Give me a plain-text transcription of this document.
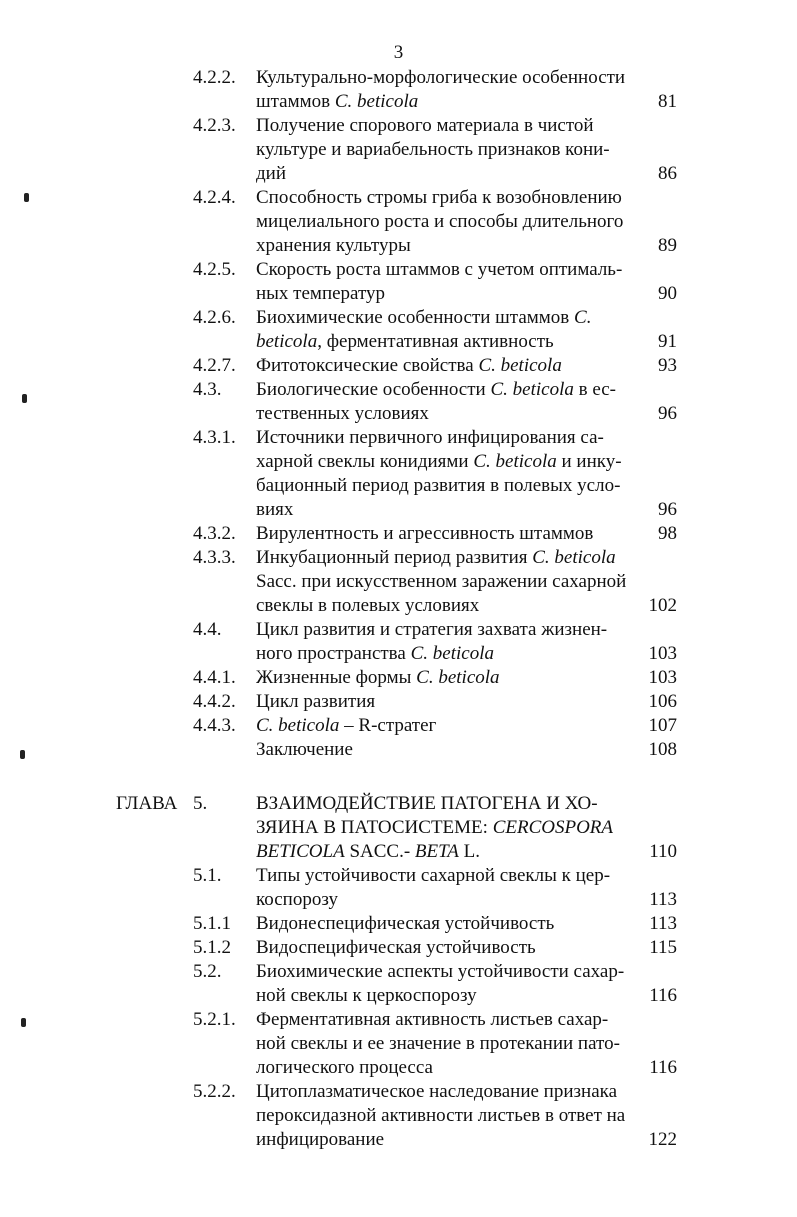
3
4.2.2. Культурально-морфологические особенности
штаммов C. beticola	81
4.2.3. Получение спорового материала в чистой
культуре и вариабельность признаков кони-
дий	86
4.2.4. Способность стромы гриба к возобновлению
мицелиального роста и способы длительного
хранения культуры	89
4.2.5. Скорость роста штаммов с учетом оптималь-
ных температур	90
4.2.6. Биохимические особенности штаммов C.
beticola, ферментативная активность	91
4.2.7. Фитотоксические свойства C. beticola	93
4.3. Биологические особенности C. beticola в ес-
тественных условиях	96
4.3.1. Источники первичного инфицирования са-
харной свеклы конидиями C. beticola и инку-
бационный период развития в полевых усло-
виях	96
4.3.2. Вирулентность и агрессивность штаммов	98
4.3.3. Инкубационный период развития C. beticola
Sacc. при искусственном заражении сахарной
свеклы в полевых условиях	102
4.4. Цикл развития и стратегия захвата жизнен-
ного пространства C. beticola	103
4.4.1. Жизненные формы C. beticola	103
4.4.2. Цикл развития	106
4.4.3. C. beticola – R-стратег	107
Заключение	108
ГЛАВА 5.	ВЗАИМОДЕЙСТВИЕ ПАТОГЕНА И ХО-
ЗЯИНА В ПАТОСИСТЕМЕ: CERCOSPORA
BETICOLA SACC.- BETA L.	110
5.1. Типы устойчивости сахарной свеклы к цер-
коспорозу	113
5.1.1 Видонеспецифическая устойчивость	113
5.1.2 Видоспецифическая устойчивость	115
5.2. Биохимические аспекты устойчивости сахар-
ной свеклы к церкоспорозу	116
5.2.1. Ферментативная активность листьев сахар-
ной свеклы и ее значение в протекании пато-
логического процесса	116
5.2.2. Цитоплазматическое наследование признака
пероксидазной активности листьев в ответ на
инфицирование	122
